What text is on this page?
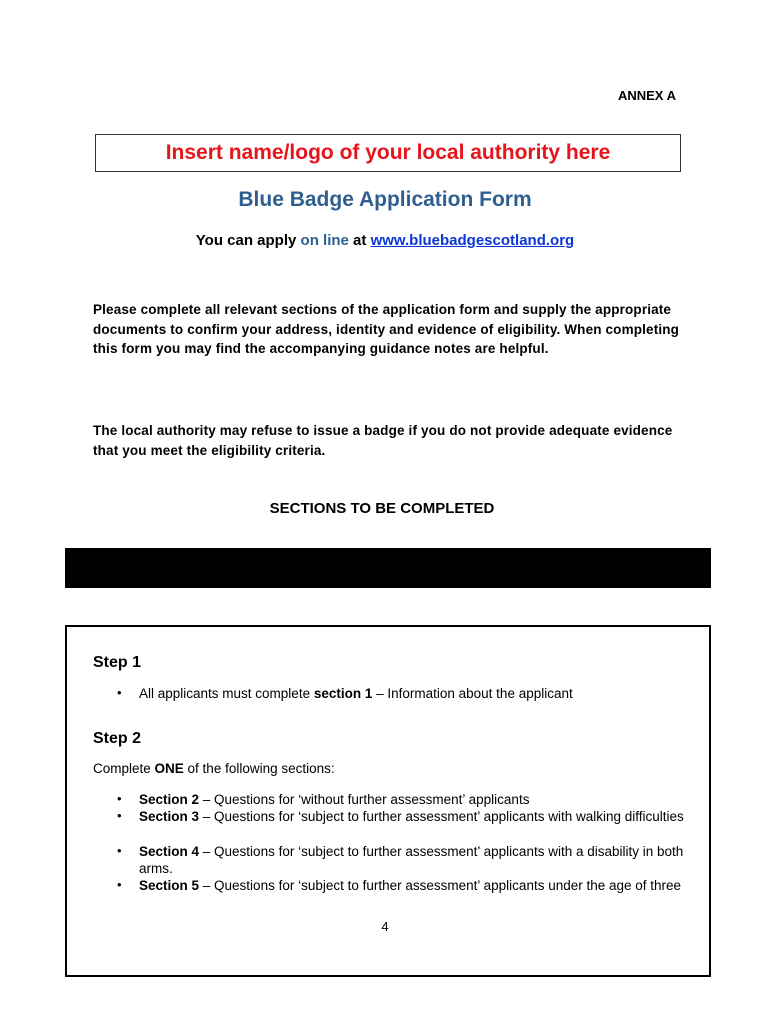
ANNEX A
Insert name/logo of your local authority here
Blue Badge Application Form
You can apply on line at www.bluebadgescotland.org
Please complete all relevant sections of the application form and supply the appropriate documents to confirm your address, identity and evidence of eligibility. When completing this form you may find the accompanying guidance notes are helpful.
The local authority may refuse to issue a badge if you do not provide adequate evidence that you meet the eligibility criteria.
SECTIONS TO BE COMPLETED
Step 1
• All applicants must complete section 1 – Information about the applicant
Step 2
Complete ONE of the following sections:
• Section 2 – Questions for ‘without further assessment’ applicants
• Section 3 – Questions for ‘subject to further assessment’ applicants with walking difficulties
• Section 4 – Questions for ‘subject to further assessment’ applicants with a disability in both arms.
• Section 5 – Questions for ‘subject to further assessment’ applicants under the age of three
4
